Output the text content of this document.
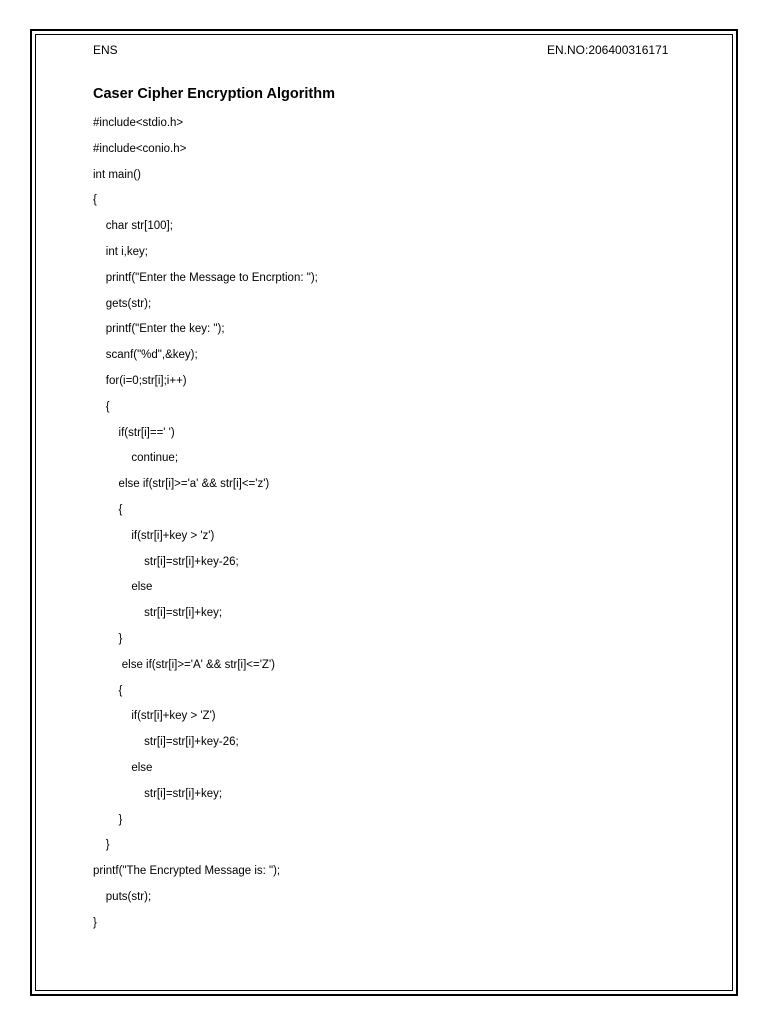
ENS	EN.NO:206400316171
Caser Cipher Encryption Algorithm
#include<stdio.h>
#include<conio.h>
int main()
{
char str[100];
int i,key;
printf("Enter the Message to Encrption: ");
gets(str);
printf("Enter the key: ");
scanf("%d",&key);
for(i=0;str[i];i++)
{
if(str[i]==' ')
continue;
else if(str[i]>='a' && str[i]<='z')
{
if(str[i]+key > 'z')
str[i]=str[i]+key-26;
else
str[i]=str[i]+key;
}
else if(str[i]>='A' && str[i]<='Z')
{
if(str[i]+key > 'Z')
str[i]=str[i]+key-26;
else
str[i]=str[i]+key;
}
}
printf("The Encrypted Message is: ");
puts(str);
}
